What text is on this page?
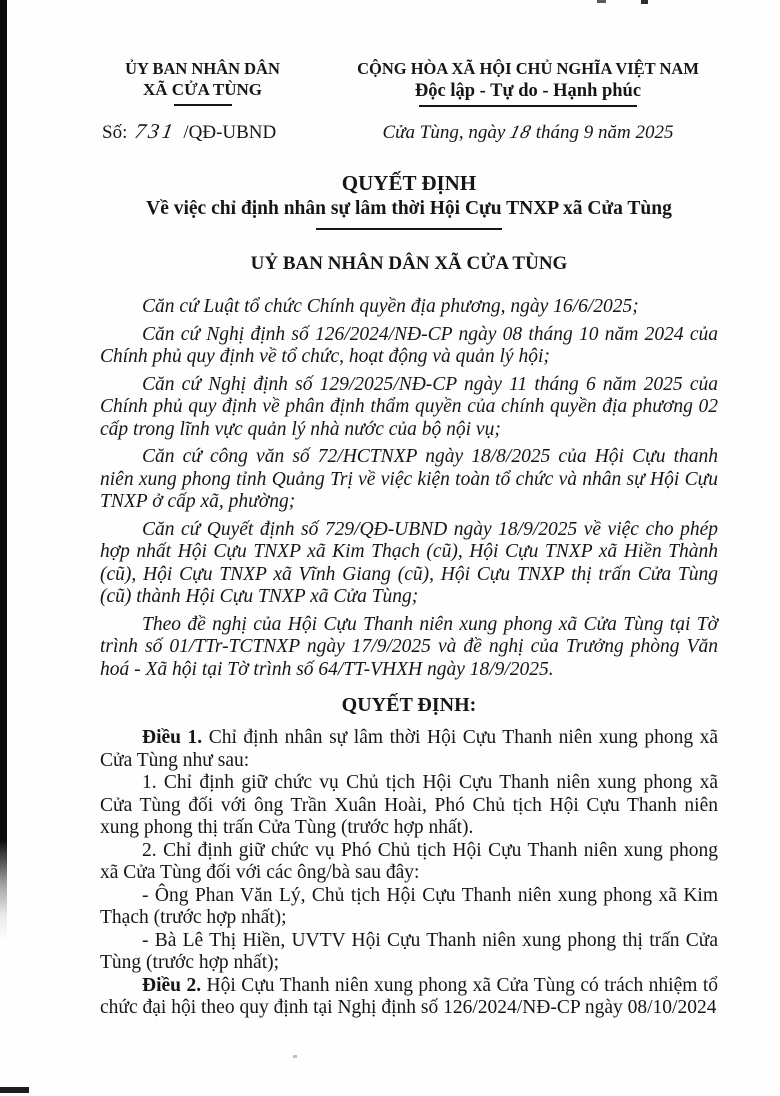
ỦY BAN NHÂN DÂN
XÃ CỬA TÙNG
Số: 731 /QĐ-UBND
CỘNG HÒA XÃ HỘI CHỦ NGHĨA VIỆT NAM
Độc lập - Tự do - Hạnh phúc
Cửa Tùng, ngày 18 tháng 9 năm 2025
QUYẾT ĐỊNH
Về việc chỉ định nhân sự lâm thời Hội Cựu TNXP xã Cửa Tùng
UỶ BAN NHÂN DÂN XÃ CỬA TÙNG

Căn cứ Luật tổ chức Chính quyền địa phương, ngày 16/6/2025;

Căn cứ Nghị định số 126/2024/NĐ-CP ngày 08 tháng 10 năm 2024 của Chính phủ quy định về tổ chức, hoạt động và quản lý hội;

Căn cứ Nghị định số 129/2025/NĐ-CP ngày 11 tháng 6 năm 2025 của Chính phủ quy định về phân định thẩm quyền của chính quyền địa phương 02 cấp trong lĩnh vực quản lý nhà nước của bộ nội vụ;

Căn cứ công văn số 72/HCTNXP ngày 18/8/2025 của Hội Cựu thanh niên xung phong tỉnh Quảng Trị về việc kiện toàn tổ chức và nhân sự Hội Cựu TNXP ở cấp xã, phường;

Căn cứ Quyết định số 729/QĐ-UBND ngày 18/9/2025 về việc cho phép hợp nhất Hội Cựu TNXP xã Kim Thạch (cũ), Hội Cựu TNXP xã Hiền Thành (cũ), Hội Cựu TNXP xã Vĩnh Giang (cũ), Hội Cựu TNXP thị trấn Cửa Tùng (cũ) thành Hội Cựu TNXP xã Cửa Tùng;

Theo đề nghị của Hội Cựu Thanh niên xung phong xã Cửa Tùng tại Tờ trình số 01/TTr-TCTNXP ngày 17/9/2025 và đề nghị của Trưởng phòng Văn hoá - Xã hội tại Tờ trình số 64/TT-VHXH ngày 18/9/2025.

QUYẾT ĐỊNH:

Điều 1. Chỉ định nhân sự lâm thời Hội Cựu Thanh niên xung phong xã Cửa Tùng như sau:

1. Chỉ định giữ chức vụ Chủ tịch Hội Cựu Thanh niên xung phong xã Cửa Tùng đối với ông Trần Xuân Hoài, Phó Chủ tịch Hội Cựu Thanh niên xung phong thị trấn Cửa Tùng (trước hợp nhất).

2. Chỉ định giữ chức vụ Phó Chủ tịch Hội Cựu Thanh niên xung phong xã Cửa Tùng đối với các ông/bà sau đây:

- Ông Phan Văn Lý, Chủ tịch Hội Cựu Thanh niên xung phong xã Kim Thạch (trước hợp nhất);

- Bà Lê Thị Hiền, UVTV Hội Cựu Thanh niên xung phong thị trấn Cửa Tùng (trước hợp nhất);

Điều 2. Hội Cựu Thanh niên xung phong xã Cửa Tùng có trách nhiệm tổ chức đại hội theo quy định tại Nghị định số 126/2024/NĐ-CP ngày 08/10/2024
